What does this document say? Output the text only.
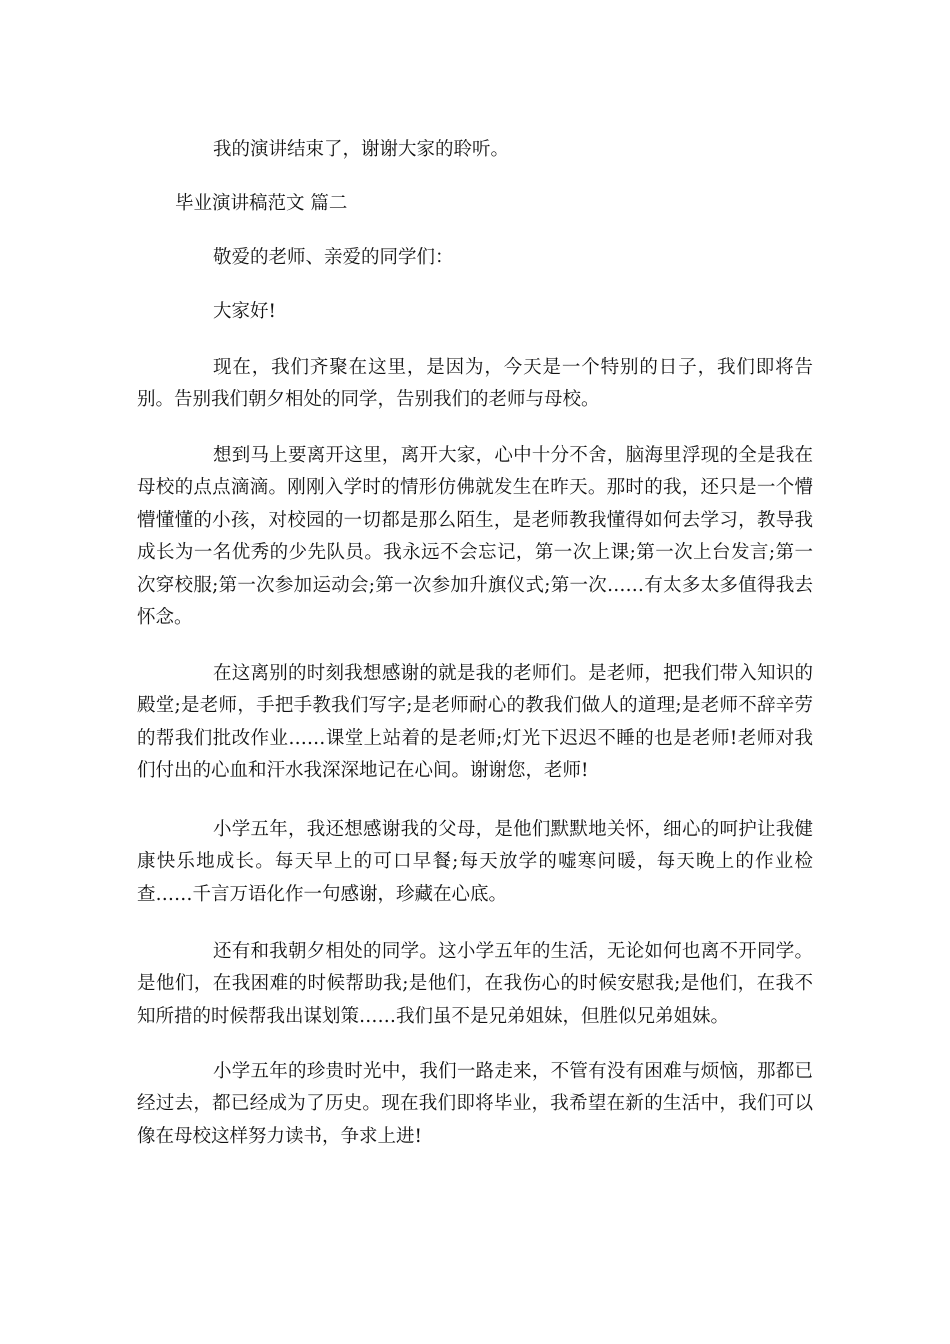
我的演讲结束了，谢谢大家的聆听。

毕业演讲稿范文 篇二

敬爱的老师、亲爱的同学们：

大家好!

现在，我们齐聚在这里，是因为，今天是一个特别的日子，我们即将告别。告别我们朝夕相处的同学，告别我们的老师与母校。

想到马上要离开这里，离开大家，心中十分不舍，脑海里浮现的全是我在母校的点点滴滴。刚刚入学时的情形仿佛就发生在昨天。那时的我，还只是一个懵懵懂懂的小孩，对校园的一切都是那么陌生，是老师教我懂得如何去学习，教导我成长为一名优秀的少先队员。我永远不会忘记，第一次上课;第一次上台发言;第一次穿校服;第一次参加运动会;第一次参加升旗仪式;第一次……有太多太多值得我去怀念。

在这离别的时刻我想感谢的就是我的老师们。是老师，把我们带入知识的殿堂;是老师，手把手教我们写字;是老师耐心的教我们做人的道理;是老师不辞辛劳的帮我们批改作业……课堂上站着的是老师;灯光下迟迟不睡的也是老师!老师对我们付出的心血和汗水我深深地记在心间。谢谢您，老师!

小学五年，我还想感谢我的父母，是他们默默地关怀，细心的呵护让我健康快乐地成长。每天早上的可口早餐;每天放学的嘘寒问暖，每天晚上的作业检查……千言万语化作一句感谢，珍藏在心底。

还有和我朝夕相处的同学。这小学五年的生活，无论如何也离不开同学。是他们，在我困难的时候帮助我;是他们，在我伤心的时候安慰我;是他们，在我不知所措的时候帮我出谋划策……我们虽不是兄弟姐妹，但胜似兄弟姐妹。

小学五年的珍贵时光中，我们一路走来，不管有没有困难与烦恼，那都已经过去，都已经成为了历史。现在我们即将毕业，我希望在新的生活中，我们可以像在母校这样努力读书，争求上进!
